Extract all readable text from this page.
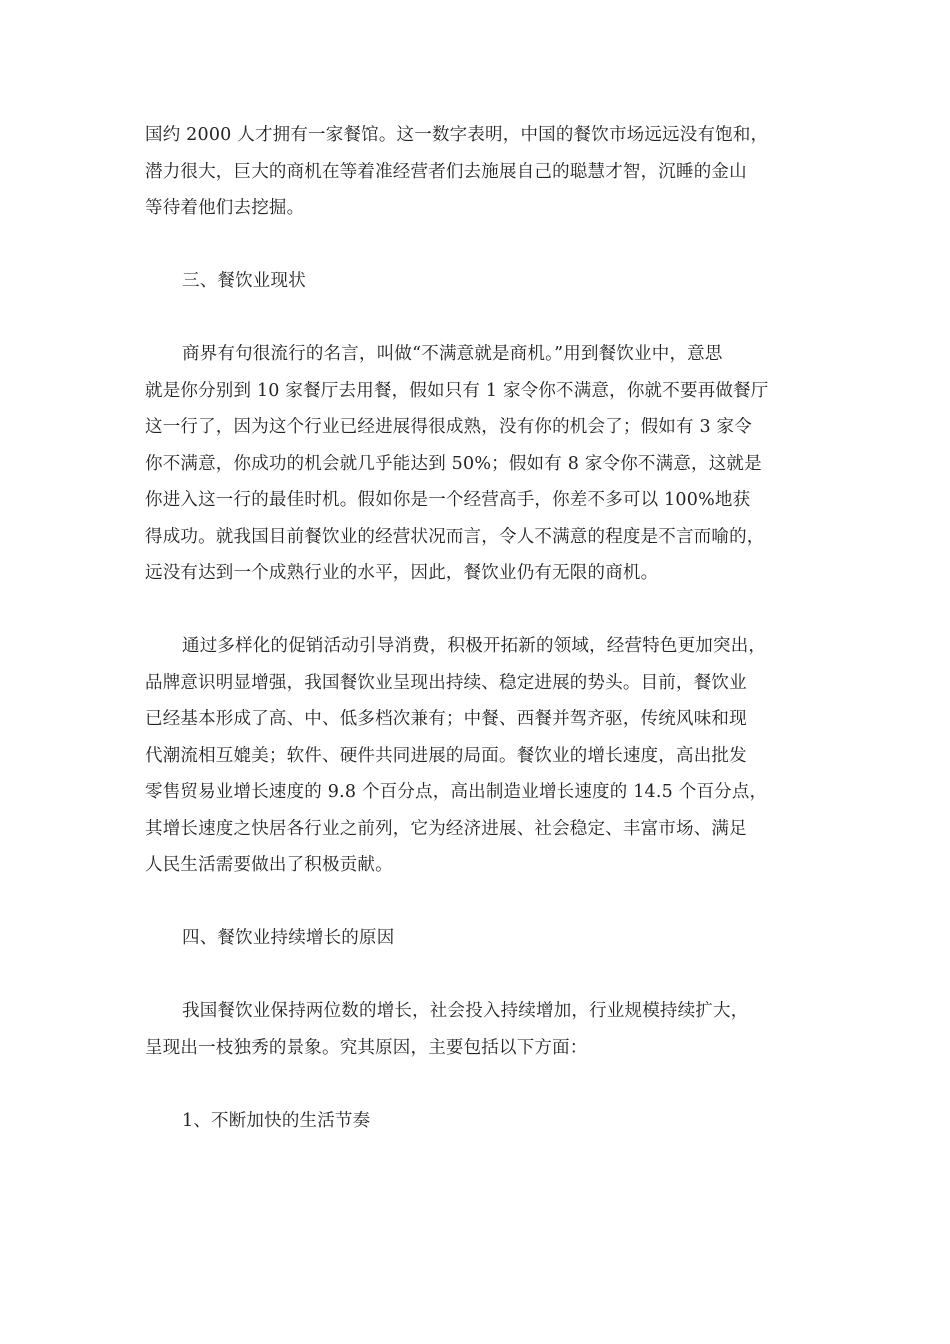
国约 2000 人才拥有一家餐馆。这一数字表明，中国的餐饮市场远远没有饱和，
潜力很大，巨大的商机在等着准经营者们去施展自己的聪慧才智，沉睡的金山
等待着他们去挖掘。

三、餐饮业现状

商界有句很流行的名言，叫做“不满意就是商机。”用到餐饮业中，意思
就是你分别到 10 家餐厅去用餐，假如只有 1 家令你不满意，你就不要再做餐厅
这一行了，因为这个行业已经进展得很成熟，没有你的机会了；假如有 3 家令
你不满意，你成功的机会就几乎能达到 50%；假如有 8 家令你不满意，这就是
你进入这一行的最佳时机。假如你是一个经营高手，你差不多可以 100%地获
得成功。就我国目前餐饮业的经营状况而言，令人不满意的程度是不言而喻的，
远没有达到一个成熟行业的水平，因此，餐饮业仍有无限的商机。

通过多样化的促销活动引导消费，积极开拓新的领域，经营特色更加突出，
品牌意识明显增强，我国餐饮业呈现出持续、稳定进展的势头。目前，餐饮业
已经基本形成了高、中、低多档次兼有；中餐、西餐并驾齐驱，传统风味和现
代潮流相互媲美；软件、硬件共同进展的局面。餐饮业的增长速度，高出批发
零售贸易业增长速度的 9.8 个百分点，高出制造业增长速度的 14.5 个百分点，
其增长速度之快居各行业之前列，它为经济进展、社会稳定、丰富市场、满足
人民生活需要做出了积极贡献。

四、餐饮业持续增长的原因

我国餐饮业保持两位数的增长，社会投入持续增加，行业规模持续扩大，
呈现出一枝独秀的景象。究其原因，主要包括以下方面：

1、不断加快的生活节奏
